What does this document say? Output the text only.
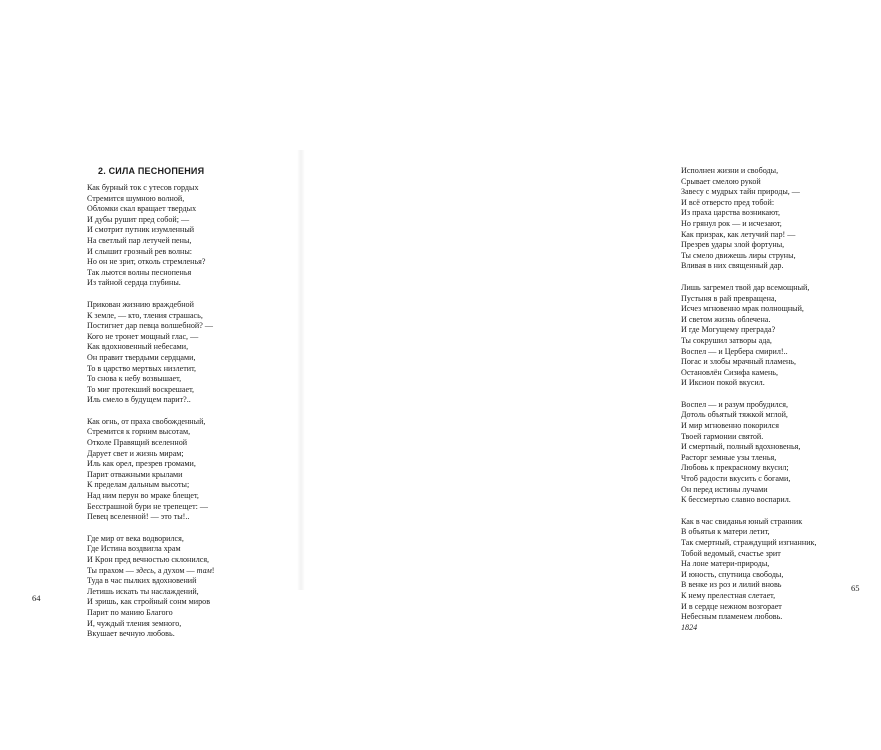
2. СИЛА ПЕСНОПЕНИЯ
Как бурный ток с утесов гордых
Стремится шумною волной,
Обломки скал вращает твердых
И дубы рушит пред собой; —
И смотрит путник изумленный
На светлый пар летучей пены,
И слышит грозный рев волны:
Но он не зрит, отколь стремленья?
Так льются волны песнопенья
Из тайной сердца глубины.
Прикован жизнию враждебной
К земле, — кто, тления страшась,
Постигнет дар певца волшебной? —
Кого не тронет мощный глас, —
Как вдохновенный небесами,
Он правит твердыми сердцами,
То в царство мертвых низлетит,
То снова к небу возвышает,
То миг протекший воскрешает,
Иль смело в будущем парит?..
Как огнь, от праха свобожденный,
Стремится к горним высотам,
Отколе Правящий вселенной
Дарует свет и жизнь мирам;
Иль как орел, презрев громами,
Парит отважными крылами
К пределам дальным высоты;
Над ним перун во мраке блещет,
Бесстрашной бури не трепещет: —
Певец вселенной! — это ты!..
Где мир от века водворился,
Где Истина воздвигла храм
И Крон пред вечностью склонился,
Ты прахом — здесь, а духом — там!
Туда в час пылких вдохновений
Летишь искать ты наслаждений,
И зришь, как стройный сонм миров
Парит по манию Благого
И, чуждый тления земного,
Вкушает вечную любовь.
64
Исполнен жизни и свободы,
Срывает смелою рукой
Завесу с мудрых тайн природы, —
И всё отверсто пред тобой:
Из праха царства возникают,
Но грянул рок — и исчезают,
Как призрак, как летучий пар! —
Презрев удары злой фортуны,
Ты смело движешь лиры струны,
Вливая в них священный дар.
Лишь загремел твой дар всемощный,
Пустыня в рай превращена,
Исчез мгновенно мрак полнощный,
И светом жизнь облечена.
И где Могущему преграда?
Ты сокрушил затворы ада,
Воспел — и Цербера смирил!..
Погас и злобы мрачный пламень,
Остановлён Сизифа камень,
И Иксион покой вкусил.
Воспел — и разум пробудился,
Дотоль объятый тяжкой мглой,
И мир мгновенно покорился
Твоей гармонии святой.
И смертный, полный вдохновенья,
Расторг земные узы тленья,
Любовь к прекрасному вкусил;
Чтоб радости вкусить с богами,
Он перед истины лучами
К бессмертью славно воспарил.
Как в час свиданья юный странник
В объятья к матери летит,
Так смертный, страждущий изгнанник,
Тобой ведомый, счастье зрит
На лоне матери-природы,
И юность, спутница свободы,
В венке из роз и лилий вновь
К нему прелестная слетает,
И в сердце нежном возгорает
Небесным пламенем любовь.
1824
65
